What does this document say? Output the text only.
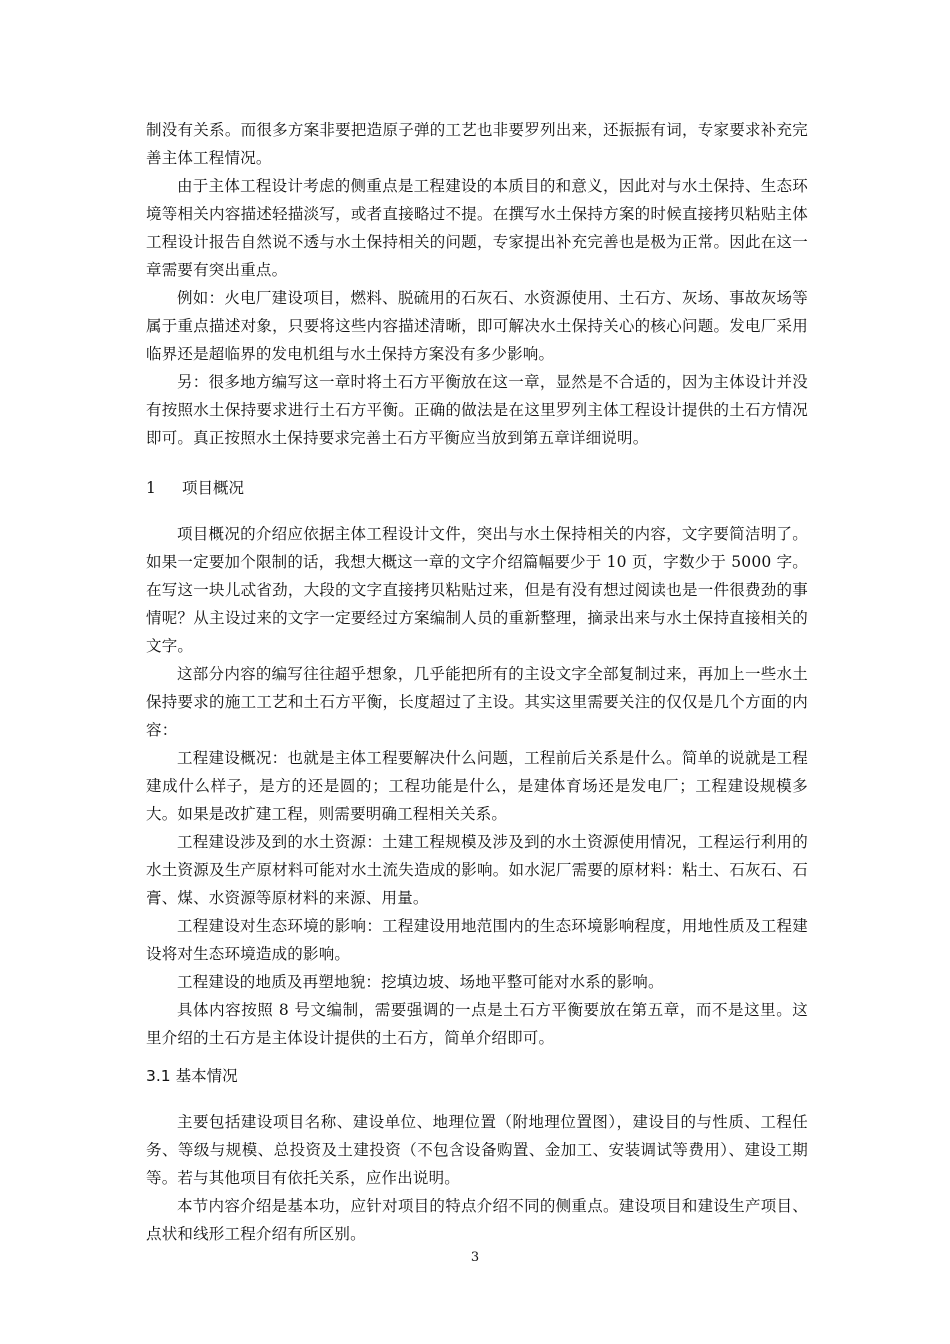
制没有关系。而很多方案非要把造原子弹的工艺也非要罗列出来，还振振有词，专家要求补充完善主体工程情况。

由于主体工程设计考虑的侧重点是工程建设的本质目的和意义，因此对与水土保持、生态环境等相关内容描述轻描淡写，或者直接略过不提。在撰写水土保持方案的时候直接拷贝粘贴主体工程设计报告自然说不透与水土保持相关的问题，专家提出补充完善也是极为正常。因此在这一章需要有突出重点。

例如：火电厂建设项目，燃料、脱硫用的石灰石、水资源使用、土石方、灰场、事故灰场等属于重点描述对象，只要将这些内容描述清晰，即可解决水土保持关心的核心问题。发电厂采用临界还是超临界的发电机组与水土保持方案没有多少影响。

另：很多地方编写这一章时将土石方平衡放在这一章，显然是不合适的，因为主体设计并没有按照水土保持要求进行土石方平衡。正确的做法是在这里罗列主体工程设计提供的土石方情况即可。真正按照水土保持要求完善土石方平衡应当放到第五章详细说明。

1	项目概况

项目概况的介绍应依据主体工程设计文件，突出与水土保持相关的内容，文字要简洁明了。如果一定要加个限制的话，我想大概这一章的文字介绍篇幅要少于 10 页，字数少于 5000 字。在写这一块儿忒省劲，大段的文字直接拷贝粘贴过来，但是有没有想过阅读也是一件很费劲的事情呢？从主设过来的文字一定要经过方案编制人员的重新整理，摘录出来与水土保持直接相关的文字。

这部分内容的编写往往超乎想象，几乎能把所有的主设文字全部复制过来，再加上一些水土保持要求的施工工艺和土石方平衡，长度超过了主设。其实这里需要关注的仅仅是几个方面的内容：

工程建设概况：也就是主体工程要解决什么问题，工程前后关系是什么。简单的说就是工程建成什么样子，是方的还是圆的；工程功能是什么，是建体育场还是发电厂；工程建设规模多大。如果是改扩建工程，则需要明确工程相关关系。

工程建设涉及到的水土资源：土建工程规模及涉及到的水土资源使用情况，工程运行利用的水土资源及生产原材料可能对水土流失造成的影响。如水泥厂需要的原材料：粘土、石灰石、石膏、煤、水资源等原材料的来源、用量。

工程建设对生态环境的影响：工程建设用地范围内的生态环境影响程度，用地性质及工程建设将对生态环境造成的影响。

工程建设的地质及再塑地貌：挖填边坡、场地平整可能对水系的影响。

具体内容按照 8 号文编制，需要强调的一点是土石方平衡要放在第五章，而不是这里。这里介绍的土石方是主体设计提供的土石方，简单介绍即可。

3.1 基本情况

主要包括建设项目名称、建设单位、地理位置（附地理位置图），建设目的与性质、工程任务、等级与规模、总投资及土建投资（不包含设备购置、金加工、安装调试等费用）、建设工期等。若与其他项目有依托关系，应作出说明。

本节内容介绍是基本功，应针对项目的特点介绍不同的侧重点。建设项目和建设生产项目、点状和线形工程介绍有所区别。

3
